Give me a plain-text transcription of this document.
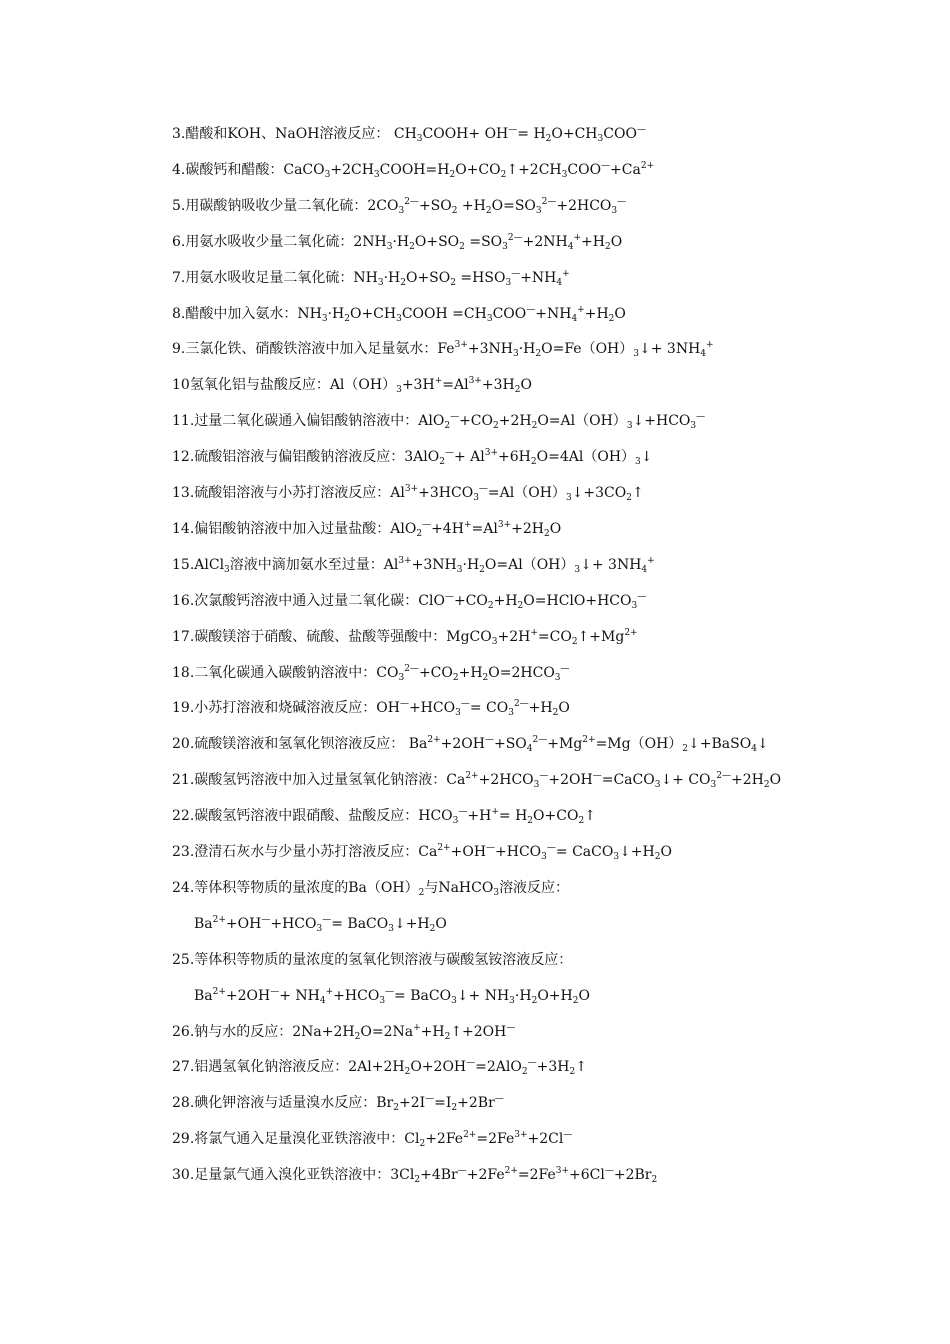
3.醋酸和KOH、NaOH溶液反应： $CH_3COOH+ OH^—= H_2O+CH_3COO^—$
4.碳酸钙和醋酸：$CaCO_3+2CH_3COOH=H_2O+CO_2↑+2CH_3COO^—+Ca^{2+}$
5.用碳酸钠吸收少量二氧化硫：$2CO_3^{2—}+SO_2 +H_2O=SO_3^{2—}+2HCO_3^—$
6.用氨水吸收少量二氧化硫：$2NH_3\cdot H_2O+SO_2 =SO_3^{2—}+2NH_4^++H_2O$
7.用氨水吸收足量二氧化硫：$NH_3\cdot H_2O+SO_2 =HSO_3^—+NH_4^+$
8.醋酸中加入氨水：$NH_3\cdot H_2O+CH_3COOH =CH_3COO^—+NH_4^++H_2O$
9.三氯化铁、硝酸铁溶液中加入足量氨水：$Fe^{3+}+3NH_3\cdot H_2O=Fe(OH)_3↓+ 3NH_4^+$
10氢氧化铝与盐酸反应：$Al(OH)_3+3H^+=Al^{3+}+3H_2O$
11.过量二氧化碳通入偏铝酸钠溶液中：$AlO_2^—+CO_2+2H_2O=Al(OH)_3↓+HCO_3^—$
12.硫酸铝溶液与偏铝酸钠溶液反应：$3AlO_2^—+ Al^{3+}+6H_2O=4Al(OH)_3↓$
13.硫酸铝溶液与小苏打溶液反应：$Al^{3+}+3HCO_3^—=Al(OH)_3↓+3CO_2↑$
14.偏铝酸钠溶液中加入过量盐酸：$AlO_2^—+4H^+=Al^{3+}+2H_2O$
15.AlCl$_3$溶液中滴加氨水至过量：$Al^{3+}+3NH_3\cdot H_2O=Al(OH)_3↓+ 3NH_4^+$
16.次氯酸钙溶液中通入过量二氧化碳：$ClO^—+CO_2+H_2O=HClO+HCO_3^—$
17.碳酸镁溶于硝酸、硫酸、盐酸等强酸中：$MgCO_3+2H^+=CO_2↑+Mg^{2+}$
18.二氧化碳通入碳酸钠溶液中：$CO_3^{2—}+CO_2+H_2O=2HCO_3^—$
19.小苏打溶液和烧碱溶液反应：$OH^—+HCO_3^—= CO_3^{2—}+H_2O$
20.硫酸镁溶液和氢氧化钡溶液反应： $Ba^{2+}+2OH^—+SO_4^{2—}+Mg^{2+}=Mg(OH)_2↓+BaSO_4↓$
21.碳酸氢钙溶液中加入过量氢氧化钠溶液：$Ca^{2+}+2HCO_3^—+2OH^—=CaCO_3↓+ CO_3^{2—}+2H_2O$
22.碳酸氢钙溶液中跟硝酸、盐酸反应：$HCO_3^—+H^+=$ $H_2O+CO_2↑$
23.澄清石灰水与少量小苏打溶液反应：$Ca^{2+}+OH^—+HCO_3^—=$ $CaCO_3↓+H_2O$
24.等体积等物质的量浓度的$Ba(OH)_2$与NaHCO$_3$溶液反应：
$Ba^{2+}+OH^—+HCO_3^—=$ $BaCO_3↓+H_2O$
25.等体积等物质的量浓度的氢氧化钡溶液与碳酸氢铵溶液反应：
$Ba^{2+}+2OH^—+ NH_4^++HCO_3^—=$ BaCO$_3$↓+ $NH_3\cdot H_2O+H_2O$
26.钠与水的反应：$2Na+2H_2O=2Na^++H_2↑+2OH^—$
27.铝遇氢氧化钠溶液反应：$2Al+2H_2O+2OH^—=2AlO_2^—+3H_2↑$
28.碘化钾溶液与适量溴水反应：$Br_2+2I^—=I_2+2Br^—$
29.将氯气通入足量溴化亚铁溶液中：$Cl_2+2Fe^{2+}=2Fe^{3+}+2Cl^—$
30.足量氯气通入溴化亚铁溶液中：$3Cl_2+4Br^—+2Fe^{2+}=2Fe^{3+}+6Cl^—+2Br_2$
